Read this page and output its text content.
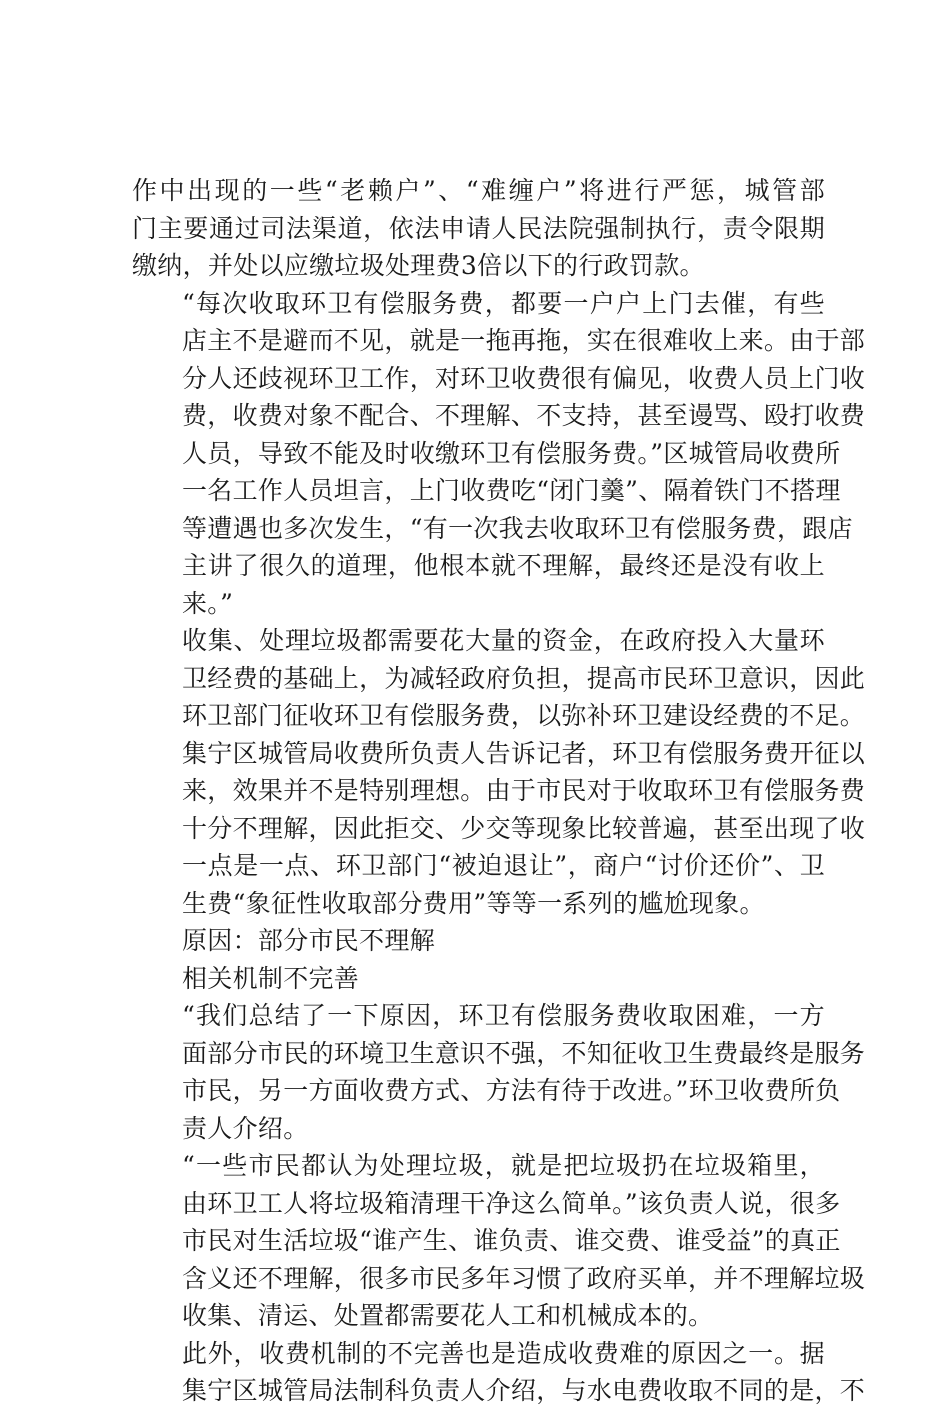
作中出现的一些“老赖户”、“难缠户”将进行严惩，城管部
门主要通过司法渠道，依法申请人民法院强制执行，责令限期
缴纳，并处以应缴垃圾处理费3倍以下的行政罚款。

“每次收取环卫有偿服务费，都要一户户上门去催，有些
店主不是避而不见，就是一拖再拖，实在很难收上来。由于部
分人还歧视环卫工作，对环卫收费很有偏见，收费人员上门收
费，收费对象不配合、不理解、不支持，甚至谩骂、殴打收费
人员，导致不能及时收缴环卫有偿服务费。”区城管局收费所
一名工作人员坦言，上门收费吃“闭门羹”、隔着铁门不搭理
等遭遇也多次发生，“有一次我去收取环卫有偿服务费，跟店
主讲了很久的道理，他根本就不理解，最终还是没有收上
来。”

收集、处理垃圾都需要花大量的资金，在政府投入大量环
卫经费的基础上，为减轻政府负担，提高市民环卫意识，因此
环卫部门征收环卫有偿服务费，以弥补环卫建设经费的不足。
集宁区城管局收费所负责人告诉记者，环卫有偿服务费开征以
来，效果并不是特别理想。由于市民对于收取环卫有偿服务费
十分不理解，因此拒交、少交等现象比较普遍，甚至出现了收
一点是一点、环卫部门“被迫退让”，商户“讨价还价”、卫
生费“象征性收取部分费用”等等一系列的尴尬现象。

原因：部分市民不理解

相关机制不完善

“我们总结了一下原因，环卫有偿服务费收取困难，一方
面部分市民的环境卫生意识不强，不知征收卫生费最终是服务
市民，另一方面收费方式、方法有待于改进。”环卫收费所负
责人介绍。

“一些市民都认为处理垃圾，就是把垃圾扔在垃圾箱里，
由环卫工人将垃圾箱清理干净这么简单。”该负责人说，很多
市民对生活垃圾“谁产生、谁负责、谁交费、谁受益”的真正
含义还不理解，很多市民多年习惯了政府买单，并不理解垃圾
收集、清运、处置都需要花人工和机械成本的。

此外，收费机制的不完善也是造成收费难的原因之一。据
集宁区城管局法制科负责人介绍，与水电费收取不同的是，不
